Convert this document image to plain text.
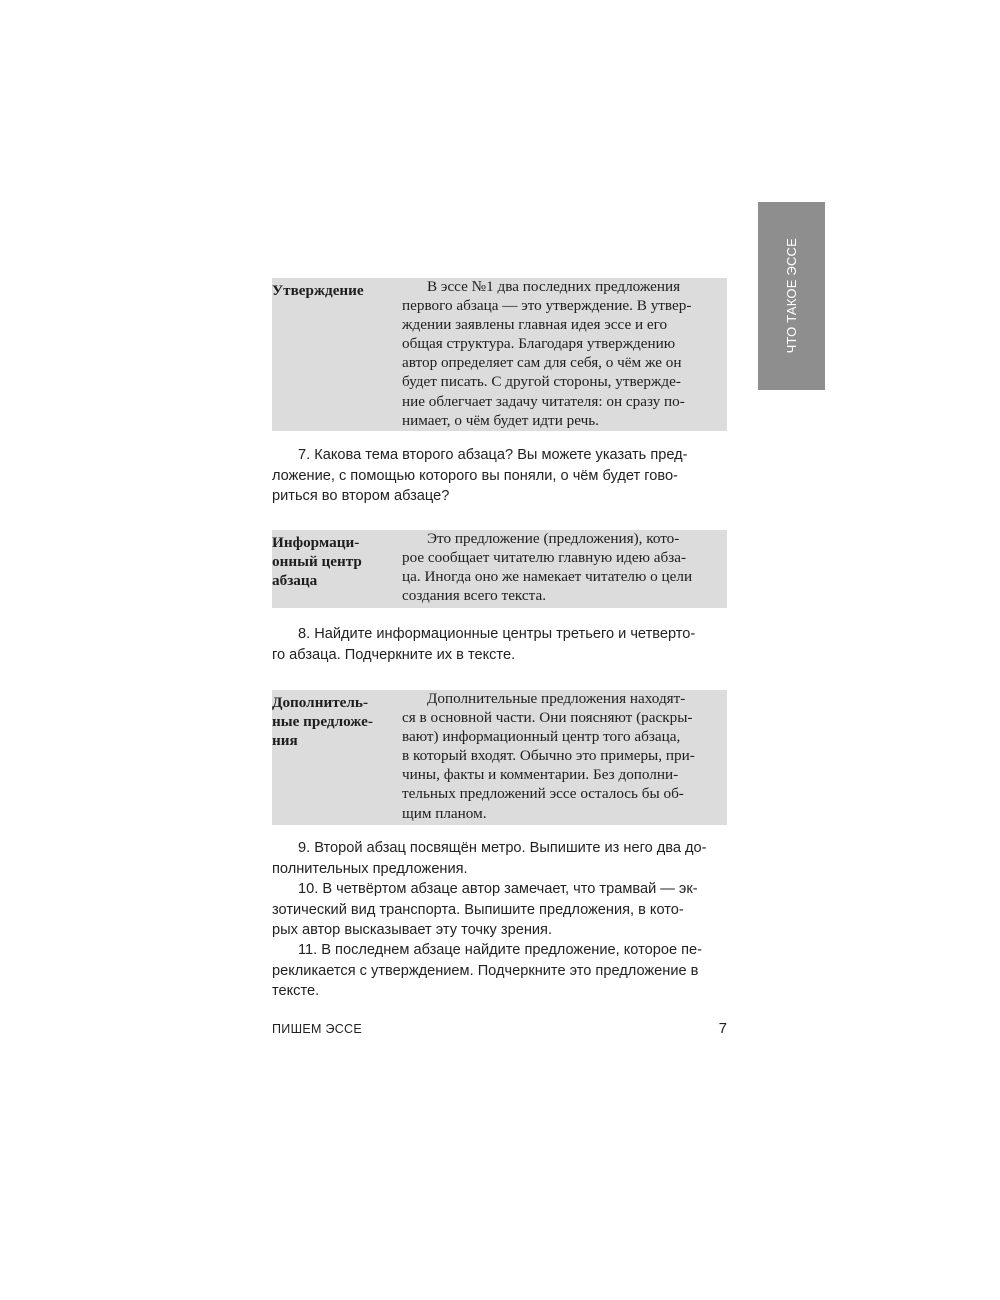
ЧТО ТАКОЕ ЭССЕ
Утверждение	В эссе №1 два последних предложения
первого абзаца — это утверждение. В утвер-
ждении заявлены главная идея эссе и его
общая структура. Благодаря утверждению
автор определяет сам для себя, о чём же он
будет писать. С другой стороны, утвержде-
ние облегчает задачу читателя: он сразу по-
нимает, о чём будет идти речь.
7. Какова тема второго абзаца? Вы можете указать пред-
ложение, с помощью которого вы поняли, о чём будет гово-
риться во втором абзаце?
Информаци-
онный центр
абзаца
Это предложение (предложения), кото-
рое сообщает читателю главную идею абза-
ца. Иногда оно же намекает читателю о цели
создания всего текста.
8. Найдите информационные центры третьего и четверто-
го абзаца. Подчеркните их в тексте.
Дополнитель-
ные предложе-
ния
Дополнительные предложения находят-
ся в основной части. Они поясняют (раскры-
вают) информационный центр того абзаца,
в который входят. Обычно это примеры, при-
чины, факты и комментарии. Без дополни-
тельных предложений эссе осталось бы об-
щим планом.
9. Второй абзац посвящён метро. Выпишите из него два до-
полнительных предложения.
10. В четвёртом абзаце автор замечает, что трамвай — эк-
зотический вид транспорта. Выпишите предложения, в кото-
рых автор высказывает эту точку зрения.
11. В последнем абзаце найдите предложение, которое пе-
рекликается с утверждением. Подчеркните это предложение в
тексте.
ПИШЕМ ЭССЕ	7
